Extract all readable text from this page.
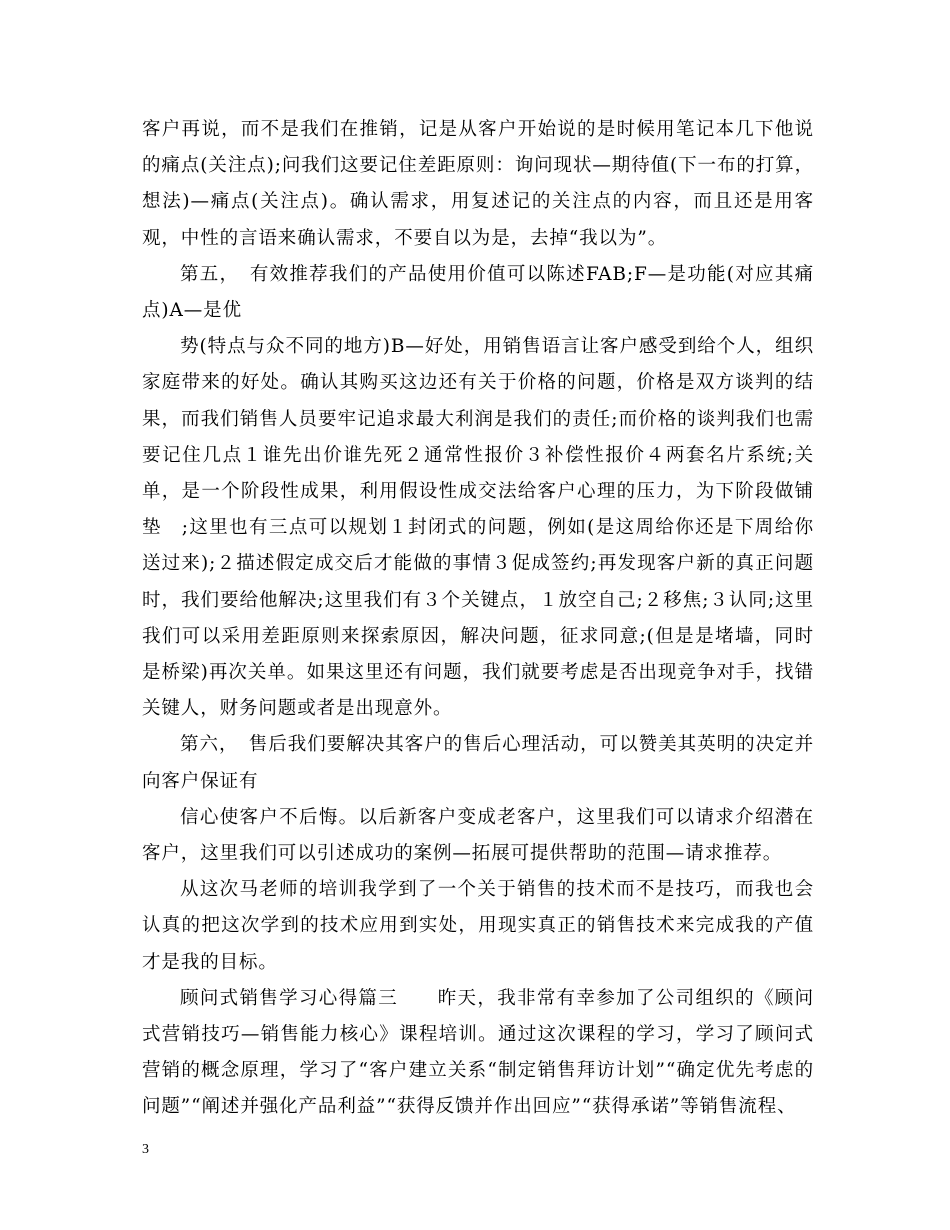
客户再说，而不是我们在推销，记是从客户开始说的是时候用笔记本几下他说的痛点(关注点);问我们这要记住差距原则：询问现状—期待值(下一布的打算，想法)—痛点(关注点)。确认需求，用复述记的关注点的内容，而且还是用客观，中性的言语来确认需求，不要自以为是，去掉“我以为”。

第五，　有效推荐我们的产品使用价值可以陈述FAB;F—是功能(对应其痛点)A—是优

势(特点与众不同的地方)B—好处，用销售语言让客户感受到给个人，组织家庭带来的好处。确认其购买这边还有关于价格的问题，价格是双方谈判的结果，而我们销售人员要牢记追求最大利润是我们的责任;而价格的谈判我们也需要记住几点１谁先出价谁先死２通常性报价３补偿性报价４两套名片系统;关单，是一个阶段性成果，利用假设性成交法给客户心理的压力，为下阶段做铺垫　;这里也有三点可以规划１封闭式的问题，例如(是这周给你还是下周给你送过来);２描述假定成交后才能做的事情３促成签约;再发现客户新的真正问题时，我们要给他解决;这里我们有３个关键点，１放空自己;２移焦;３认同;这里我们可以采用差距原则来探索原因，解决问题，征求同意;(但是是堵墙，同时是桥梁)再次关单。如果这里还有问题，我们就要考虑是否出现竞争对手，找错关键人，财务问题或者是出现意外。

第六，　售后我们要解决其客户的售后心理活动，可以赞美其英明的决定并向客户保证有

信心使客户不后悔。以后新客户变成老客户，这里我们可以请求介绍潜在客户，这里我们可以引述成功的案例—拓展可提供帮助的范围—请求推荐。

从这次马老师的培训我学到了一个关于销售的技术而不是技巧，而我也会认真的把这次学到的技术应用到实处，用现实真正的销售技术来完成我的产值才是我的目标。

顾问式销售学习心得篇三　　昨天，我非常有幸参加了公司组织的《顾问式营销技巧—销售能力核心》课程培训。通过这次课程的学习，学习了顾问式营销的概念原理，学习了“客户建立关系“制定销售拜访计划”“确定优先考虑的问题”“阐述并强化产品利益”“获得反馈并作出回应”“获得承诺”等销售流程、

3
